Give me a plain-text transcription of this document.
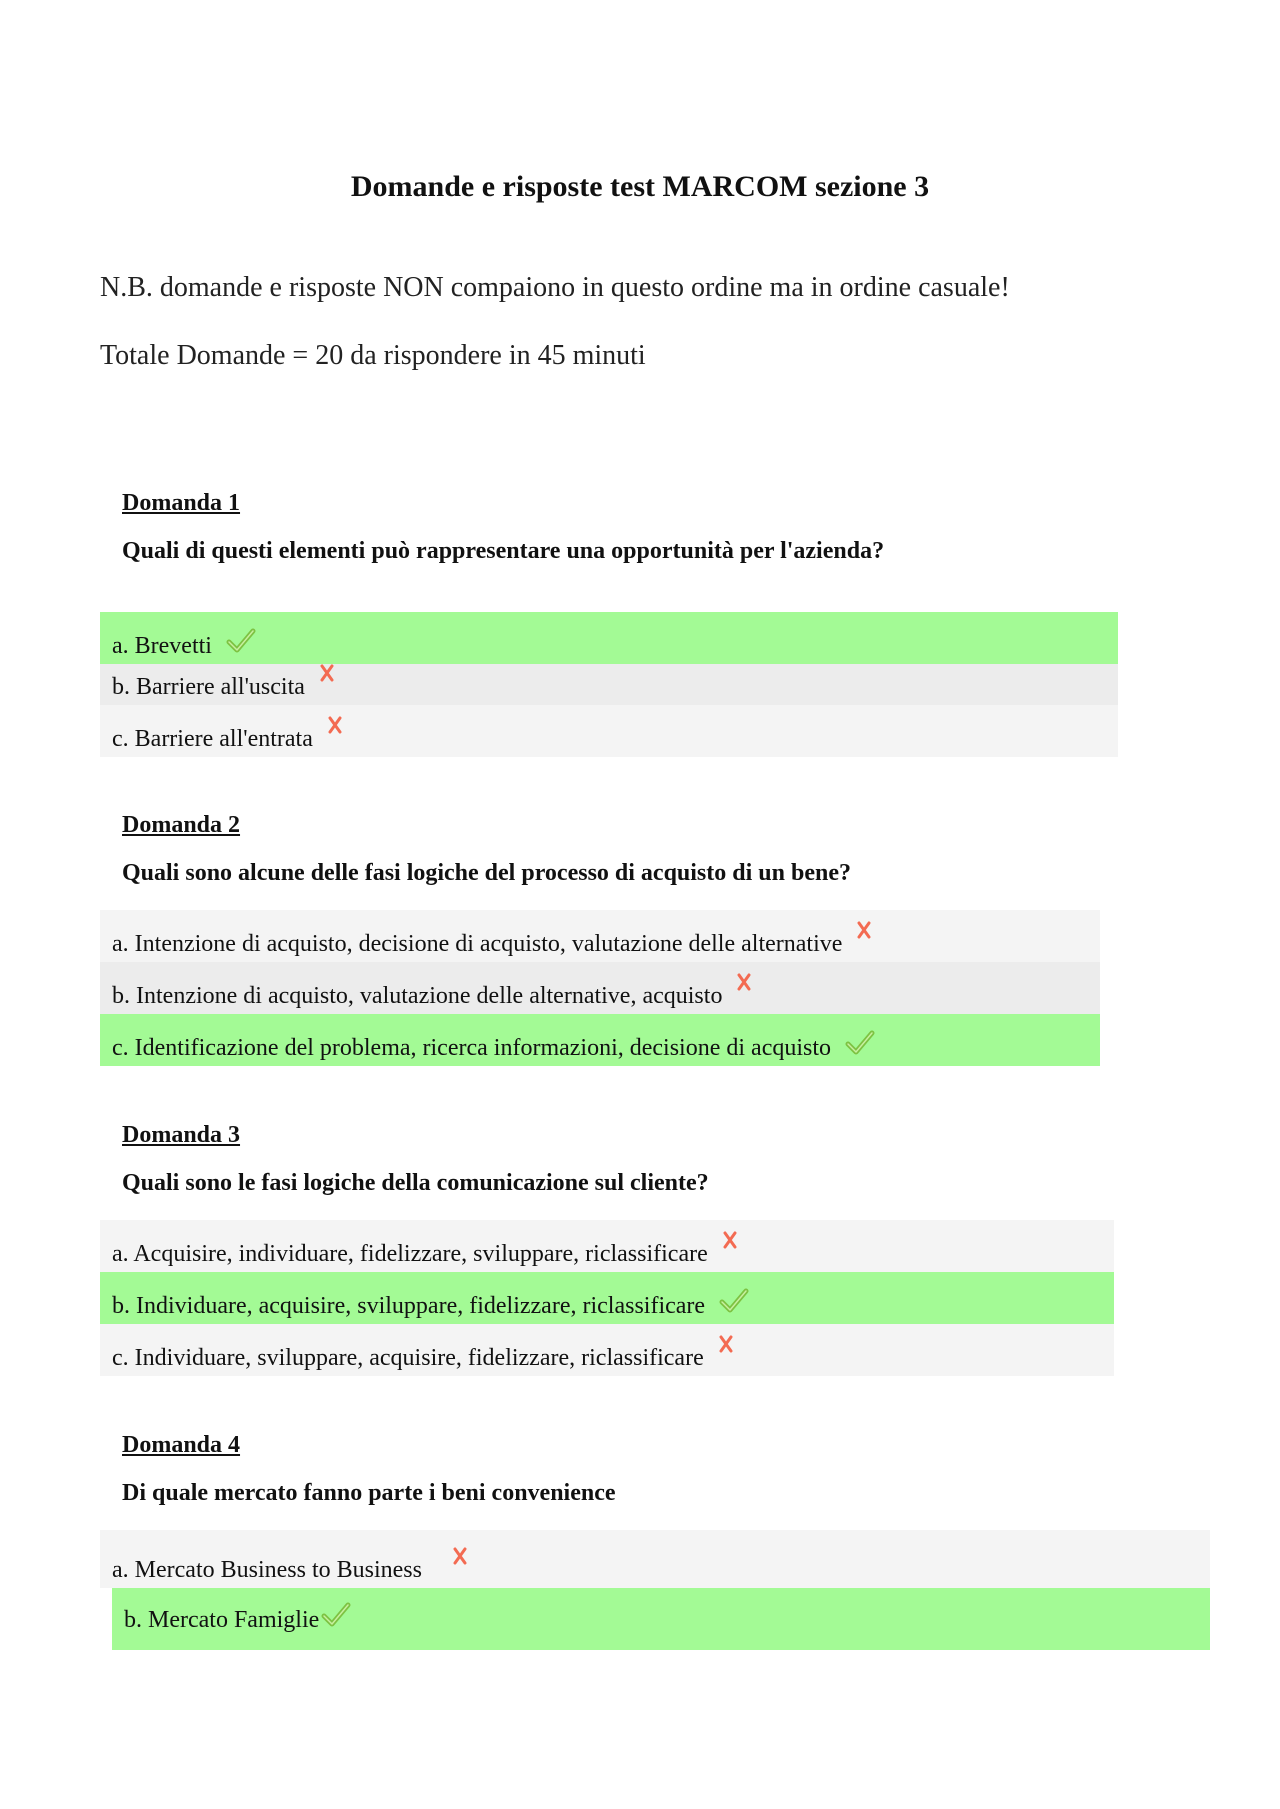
Domande e risposte test MARCOM sezione 3
N.B. domande e risposte NON compaiono in questo ordine ma in ordine casuale!
Totale Domande = 20 da rispondere in 45 minuti
Domanda 1
Quali di questi elementi può rappresentare una opportunità per l'azienda?
a. Brevetti
b. Barriere all'uscita
c. Barriere all'entrata
Domanda 2
Quali sono alcune delle fasi logiche del processo di acquisto di un bene?
a. Intenzione di acquisto, decisione di acquisto, valutazione delle alternative
b. Intenzione di acquisto, valutazione delle alternative, acquisto
c. Identificazione del problema, ricerca informazioni, decisione di acquisto
Domanda 3
Quali sono le fasi logiche della comunicazione sul cliente?
a. Acquisire, individuare, fidelizzare, sviluppare, riclassificare
b. Individuare, acquisire, sviluppare, fidelizzare, riclassificare
c. Individuare, sviluppare, acquisire, fidelizzare, riclassificare
Domanda 4
Di quale mercato fanno parte i beni convenience
a. Mercato Business to Business
b. Mercato Famiglie
